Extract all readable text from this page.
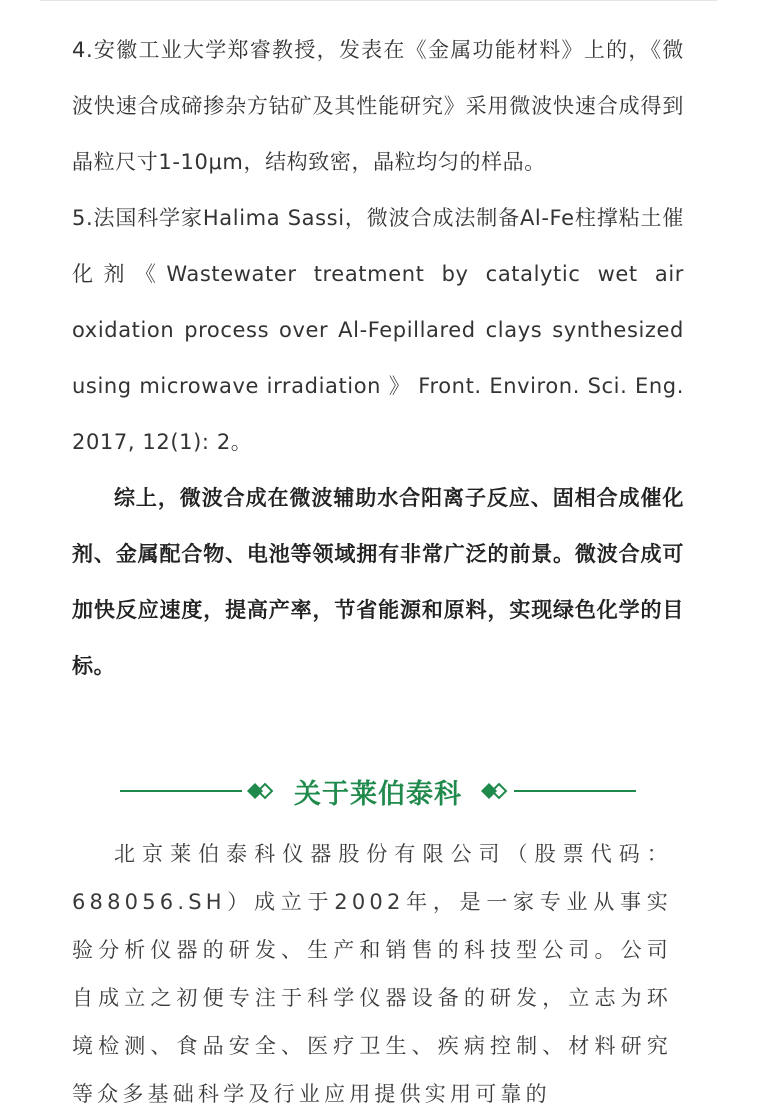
4.安徽工业大学郑睿教授，发表在《金属功能材料》上的，《微波快速合成碲掺杂方钴矿及其性能研究》采用微波快速合成得到晶粒尺寸1-10μm，结构致密，晶粒均匀的样品。

5.法国科学家Halima Sassi，微波合成法制备Al-Fe柱撑粘土催化剂《Wastewater treatment by catalytic wet air oxidation process over Al-Fepillared clays synthesized using microwave irradiation 》 Front. Environ. Sci. Eng. 2017, 12(1): 2。

综上，微波合成在微波辅助水合阳离子反应、固相合成催化剂、金属配合物、电池等领域拥有非常广泛的前景。微波合成可加快反应速度，提高产率，节省能源和原料，实现绿色化学的目标。

关于莱伯泰科

北京莱伯泰科仪器股份有限公司（股票代码：688056.SH）成立于2002年，是一家专业从事实验分析仪器的研发、生产和销售的科技型公司。公司自成立之初便专注于科学仪器设备的研发，立志为环境检测、食品安全、医疗卫生、疾病控制、材料研究等众多基础科学及行业应用提供实用可靠的
